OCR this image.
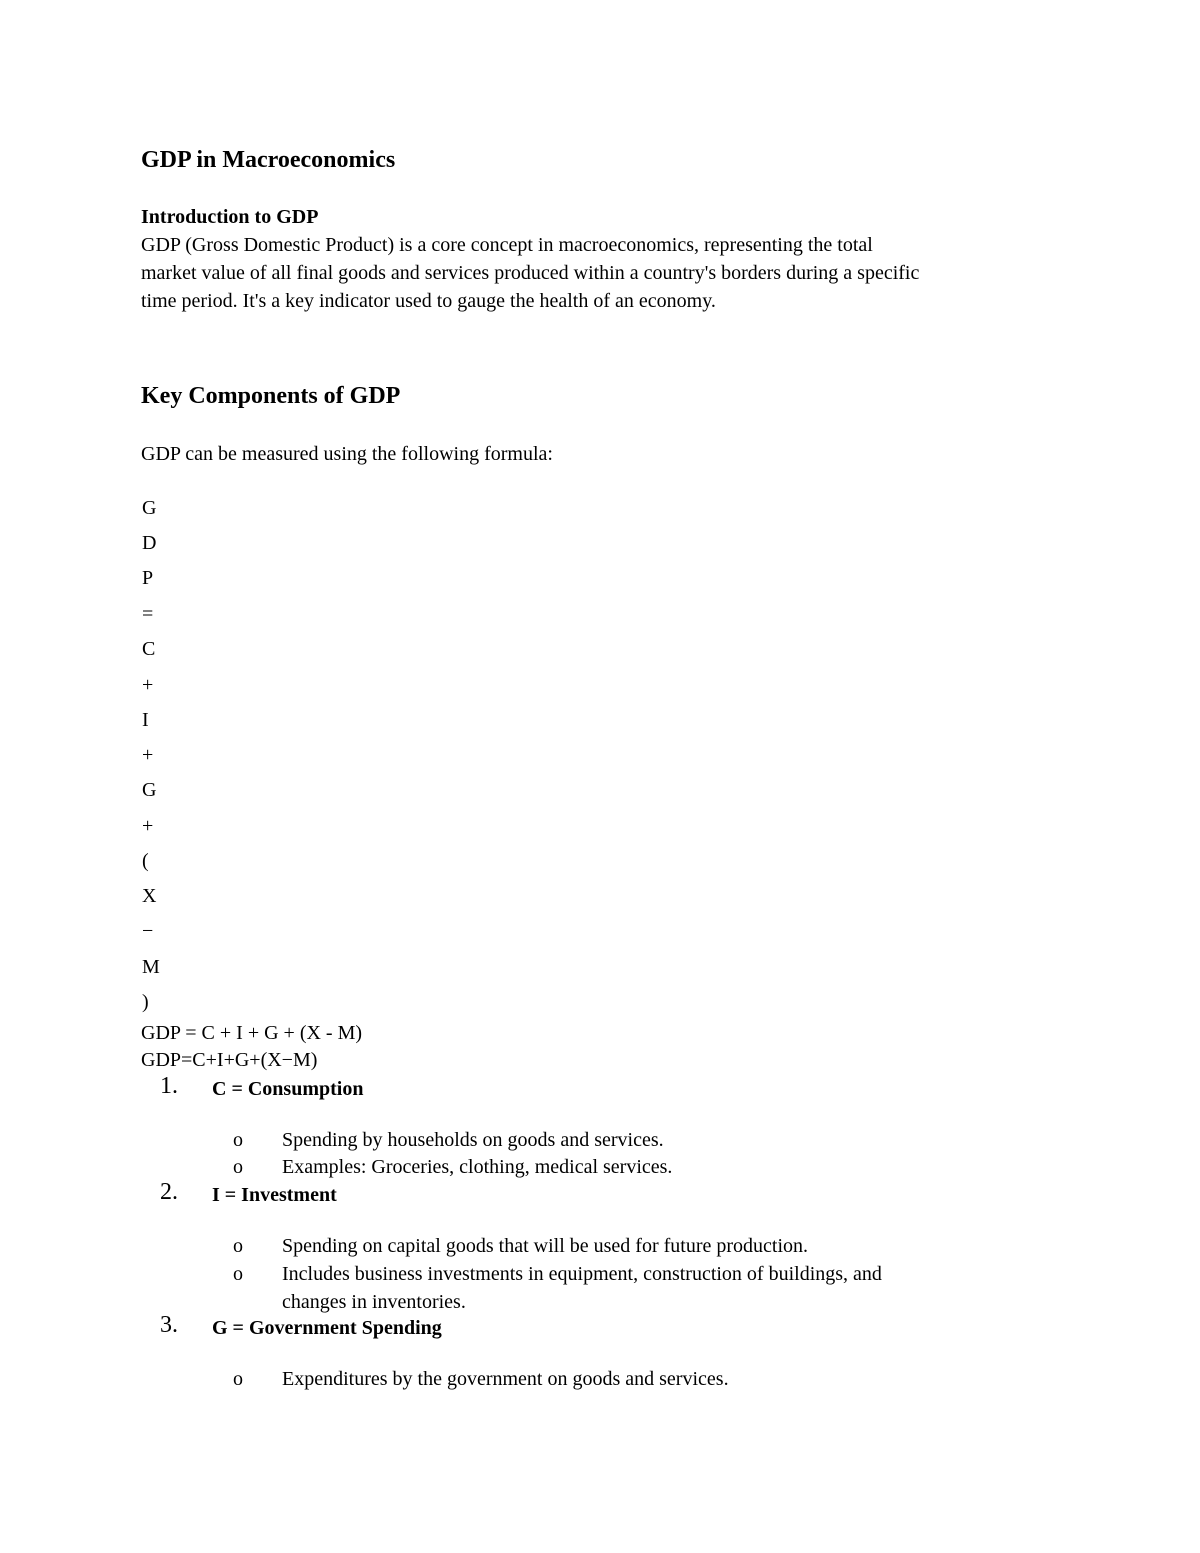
GDP in Macroeconomics
Introduction to GDP
GDP (Gross Domestic Product) is a core concept in macroeconomics, representing the total
market value of all final goods and services produced within a country's borders during a specific
time period. It's a key indicator used to gauge the health of an economy.
Key Components of GDP
GDP can be measured using the following formula:
G
D
P
=
C
+
I
+
G
+
(
X
−
M
)
GDP = C + I + G + (X - M)
GDP=C+I+G+(X−M)
1. C = Consumption
o Spending by households on goods and services.
o Examples: Groceries, clothing, medical services.
2. I = Investment
o Spending on capital goods that will be used for future production.
o Includes business investments in equipment, construction of buildings, and
changes in inventories.
3. G = Government Spending
o Expenditures by the government on goods and services.
